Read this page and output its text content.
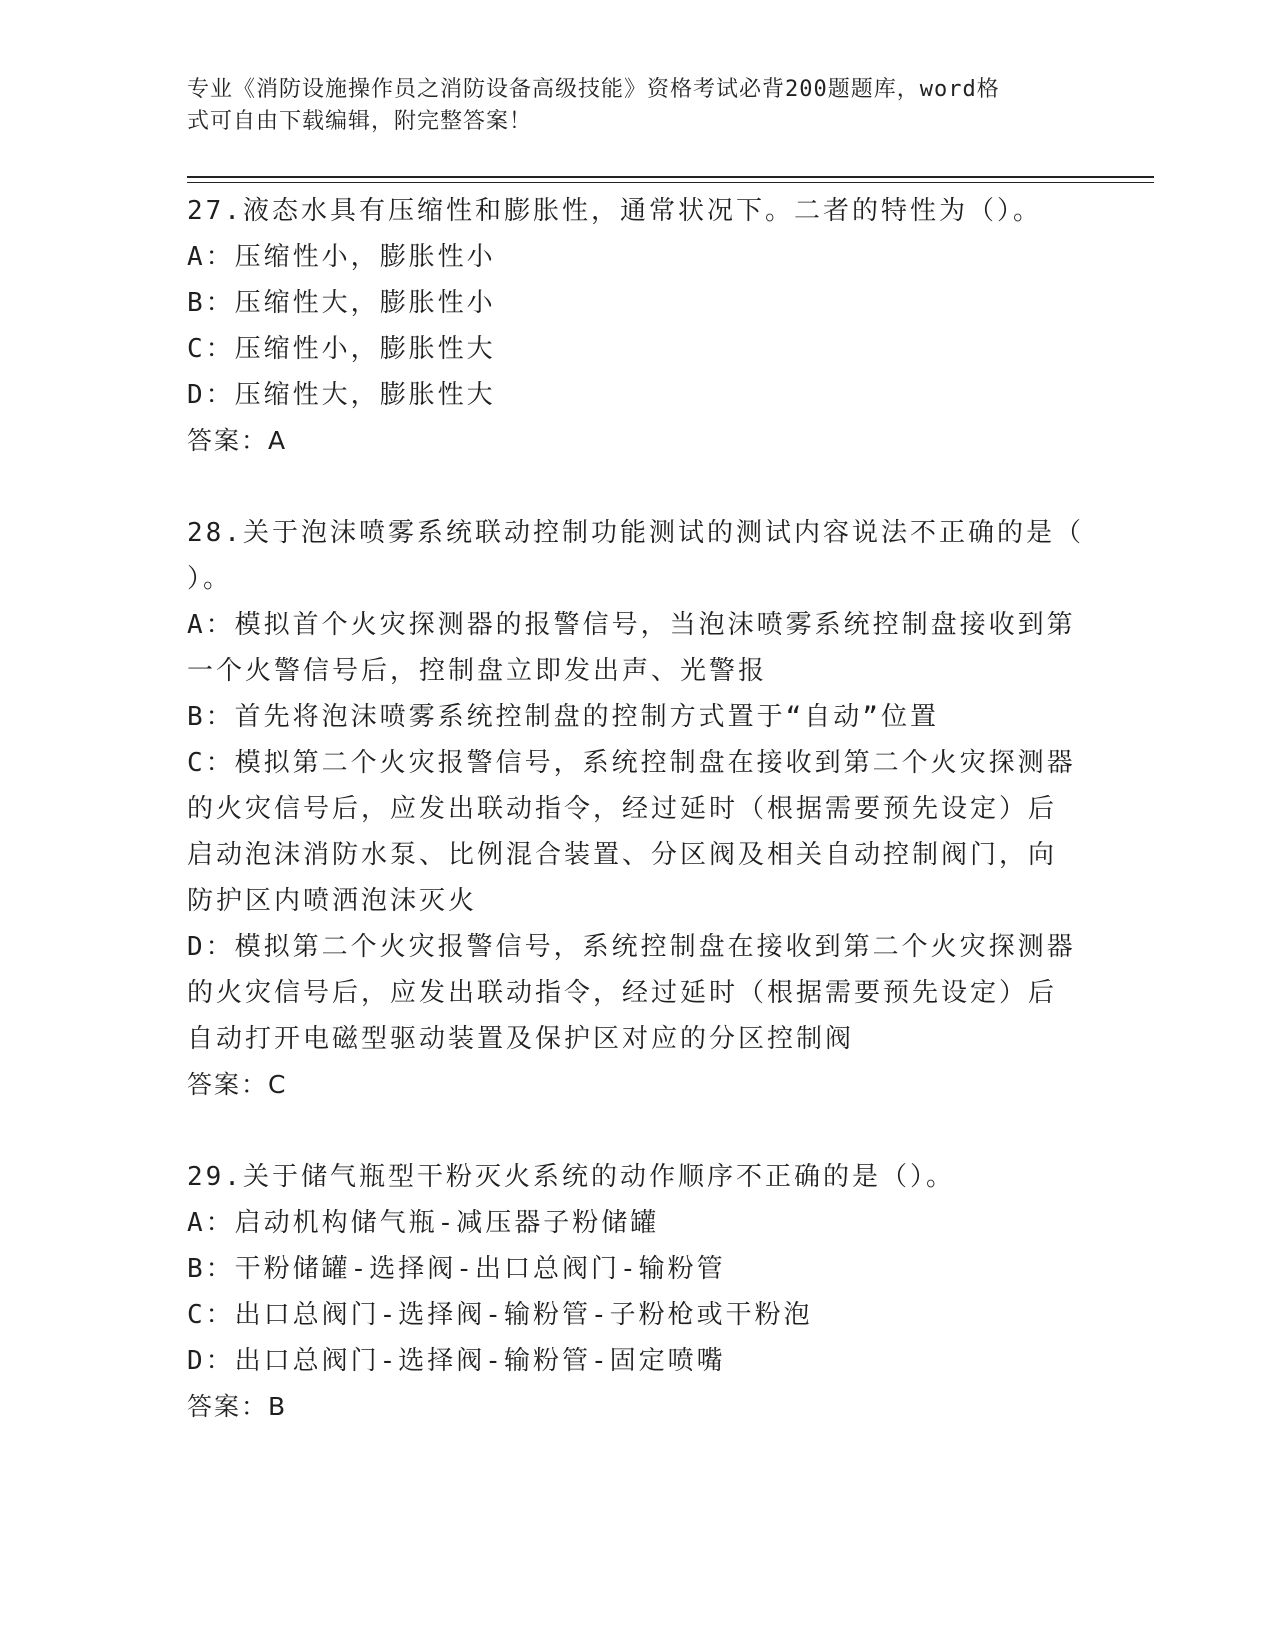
专业《消防设施操作员之消防设备高级技能》资格考试必背200题题库，word格
式可自由下载编辑，附完整答案！
27.液态水具有压缩性和膨胀性，通常状况下。二者的特性为（）。
A：压缩性小，膨胀性小
B：压缩性大，膨胀性小
C：压缩性小，膨胀性大
D：压缩性大，膨胀性大
答案：A
28.关于泡沫喷雾系统联动控制功能测试的测试内容说法不正确的是（
）。
A：模拟首个火灾探测器的报警信号，当泡沫喷雾系统控制盘接收到第
一个火警信号后，控制盘立即发出声、光警报
B：首先将泡沫喷雾系统控制盘的控制方式置于“自动”位置
C：模拟第二个火灾报警信号，系统控制盘在接收到第二个火灾探测器
的火灾信号后，应发出联动指令，经过延时（根据需要预先设定）后
启动泡沫消防水泵、比例混合装置、分区阀及相关自动控制阀门，向
防护区内喷洒泡沫灭火
D：模拟第二个火灾报警信号，系统控制盘在接收到第二个火灾探测器
的火灾信号后，应发出联动指令，经过延时（根据需要预先设定）后
自动打开电磁型驱动装置及保护区对应的分区控制阀
答案：C
29.关于储气瓶型干粉灭火系统的动作顺序不正确的是（）。
A：启动机构储气瓶-减压器子粉储罐
B：干粉储罐-选择阀-出口总阀门-输粉管
C：出口总阀门-选择阀-输粉管-子粉枪或干粉泡
D：出口总阀门-选择阀-输粉管-固定喷嘴
答案：B
